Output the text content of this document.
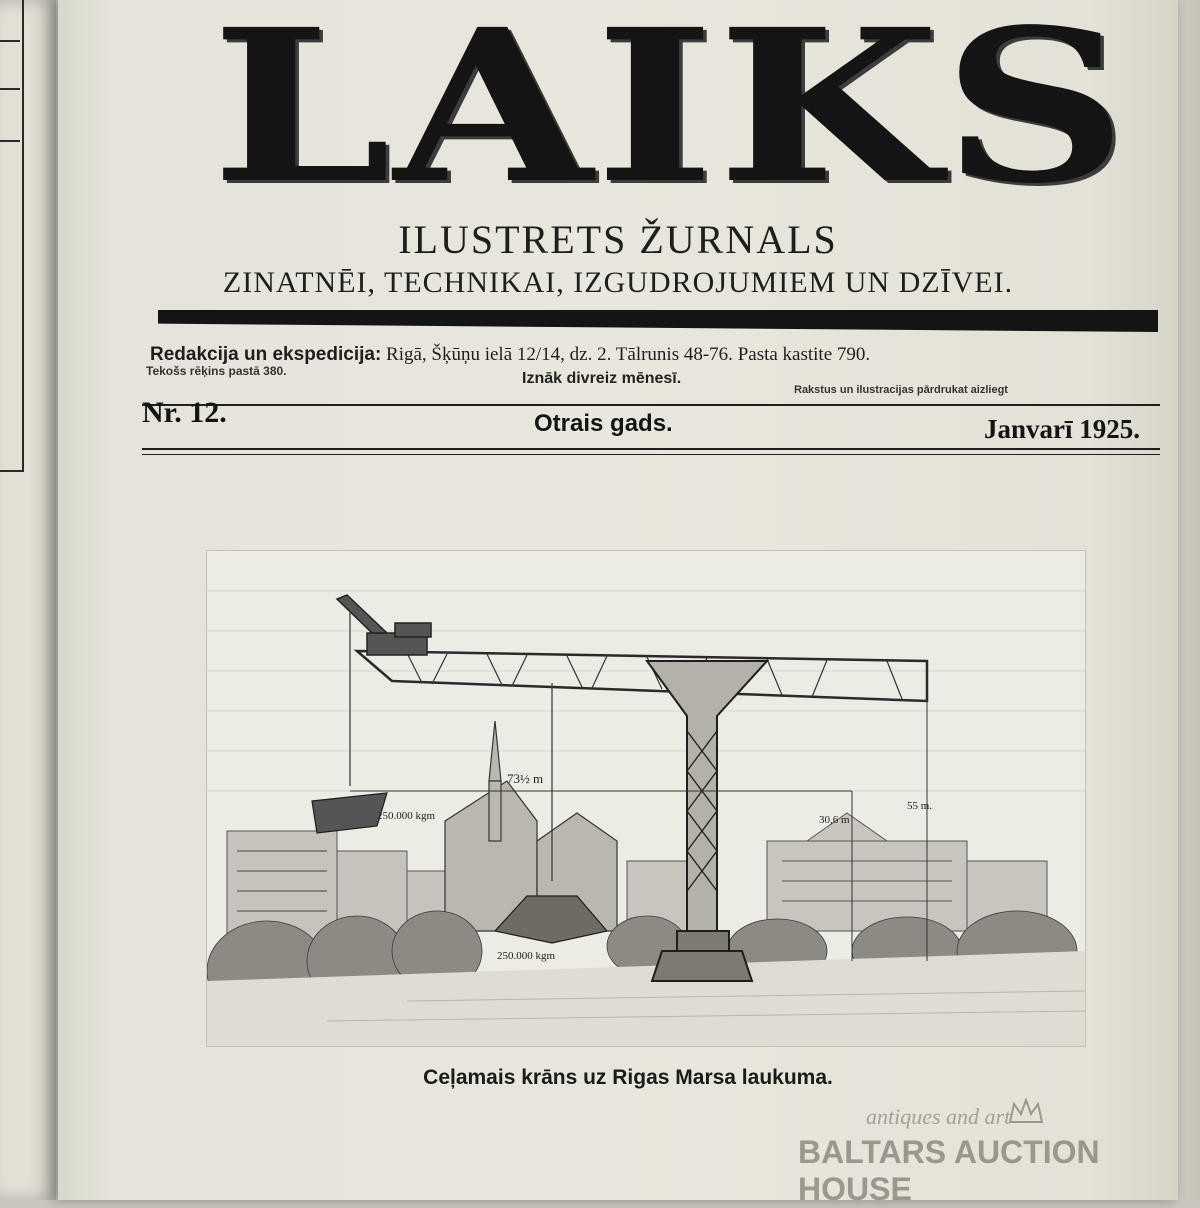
LAIKS
ILUSTRETS ŽURNALS
ZINATNĒI, TECHNIKAI, IZGUDROJUMIEM UN DZĪVEI.
Redakcija un ekspedicija: Rigā, Šķūņu ielā 12/14, dz. 2. Tālrunis 48-76. Pasta kastite 790.
Tekošs rēķins pastā 380.	Iznāk divreiz mēnesī.
Rakstus un ilustracijas pārdrukat aizliegt
Nr. 12.	Otrais gads.	Janvarī 1925.
73½ m
250.000 kgm
250.000 kgm
30,6 m
55 m.
Ceļamais krāns uz Rigas Marsa laukuma.
antiques and art
BALTARS AUCTION HOUSE
